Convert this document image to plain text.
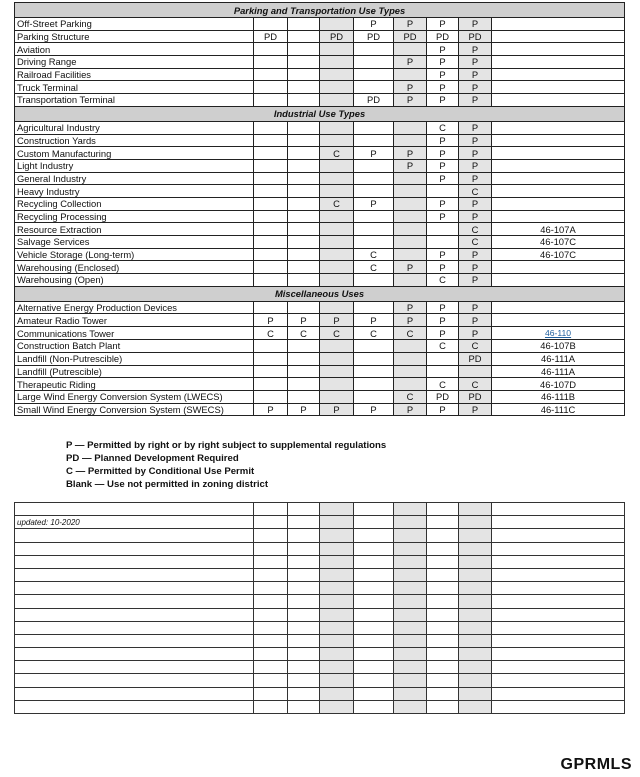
Parking and Transportation Use Types								
Off-Street Parking				P	P	P	P	
Parking Structure	PD		PD	PD	PD	PD	PD	
Aviation						P	P	
Driving Range					P	P	P	
Railroad Facilities						P	P	
Truck Terminal					P	P	P	
Transportation Terminal				PD	P	P	P	
Industrial Use Types								
Agricultural Industry						C	P	
Construction Yards						P	P	
Custom Manufacturing			C	P	P	P	P	
Light Industry					P	P	P	
General Industry						P	P	
Heavy Industry							C	
Recycling Collection			C	P		P	P	
Recycling Processing						P	P	
Resource Extraction							C	46-107A
Salvage Services							C	46-107C
Vehicle Storage (Long-term)				C		P	P	46-107C
Warehousing (Enclosed)				C	P	P	P	
Warehousing (Open)						C	P	
Miscellaneous Uses								
Alternative Energy Production Devices					P	P	P	
Amateur Radio Tower	P	P	P	P	P	P	P	
Communications Tower	C	C	C	C	C	P	P	46-110
Construction Batch Plant						C	C	46-107B
Landfill (Non-Putrescible)							PD	46-111A
Landfill (Putrescible)								46-111A
Therapeutic Riding						C	C	46-107D
Large Wind Energy Conversion System (LWECS)					C	PD	PD	46-111B
Small Wind Energy Conversion System (SWECS)	P	P	P	P	P	P	P	46-111C
P — Permitted by right or by right subject to supplemental regulations
PD — Planned Development Required
C — Permitted by Conditional Use Permit
Blank — Use not permitted in zoning district

updated: 10-2020								

GPRMLS
